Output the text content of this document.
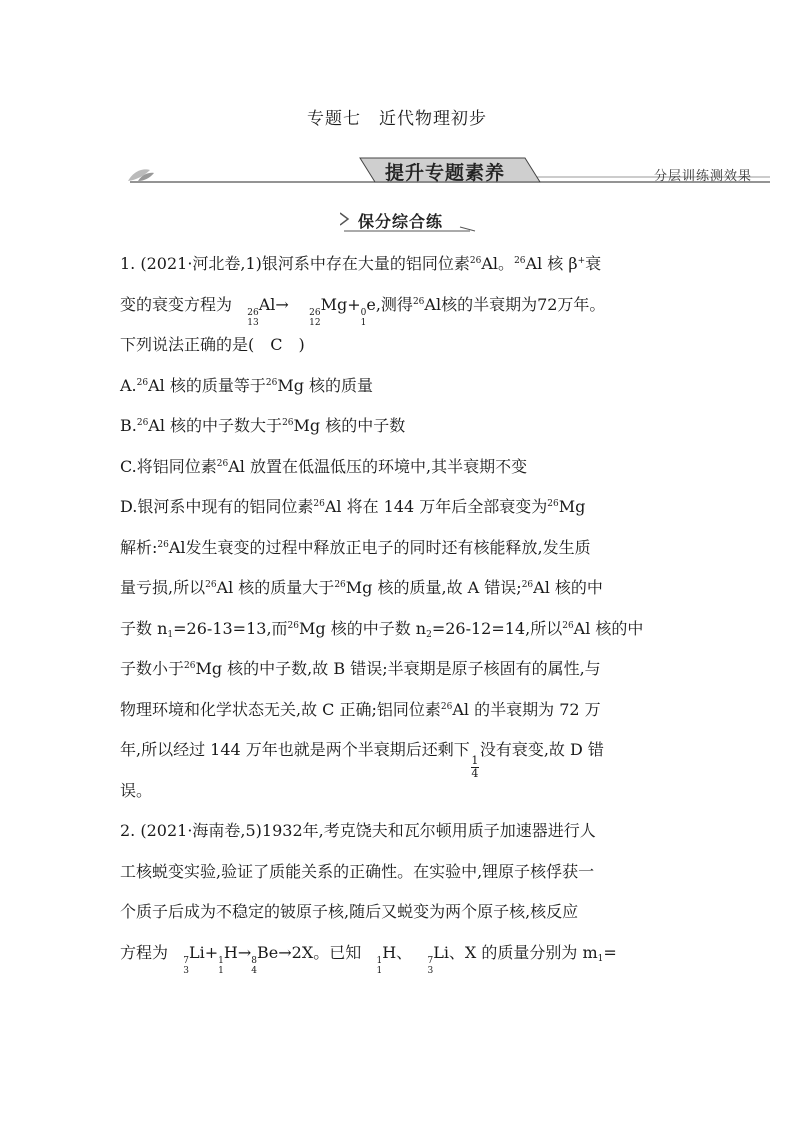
专题七　近代物理初步
提升专题素养	分层训练测效果
保分综合练
1. (2021·河北卷,1)银河系中存在大量的铝同位素$^{26}$Al。$^{26}$Al 核 β+衰
变的衰变方程为 26
13
Al→ 26
12
Mg+ 0
1
e,测得$^{26}$Al核的半衰期为72万年。
下列说法正确的是(　C　)
A.$^{26}$Al 核的质量等于$^{26}$Mg 核的质量
B.$^{26}$Al 核的中子数大于$^{26}$Mg 核的中子数
C.将铝同位素$^{26}$Al 放置在低温低压的环境中,其半衰期不变
D.银河系中现有的铝同位素$^{26}$Al 将在 144 万年后全部衰变为$^{26}$Mg
解析:$^{26}$Al发生衰变的过程中释放正电子的同时还有核能释放,发生质
量亏损,所以$^{26}$Al 核的质量大于$^{26}$Mg 核的质量,故 A 错误;$^{26}$Al 核的中
子数 $n_1=26-13=13$,而$^{26}$Mg 核的中子数 $n_2=26-12=14$,所以$^{26}$Al 核的中
子数小于$^{26}$Mg 核的中子数,故 B 错误;半衰期是原子核固有的属性,与
物理环境和化学状态无关,故 C 正确;铝同位素$^{26}$Al 的半衰期为 72 万
年,所以经过 144 万年也就是两个半衰期后还剩下
$\frac{1}{4}$
没有衰变,故 D 错
误。
2. (2021·海南卷,5)1932年,考克饶夫和瓦尔顿用质子加速器进行人
工核蜕变实验,验证了质能关系的正确性。在实验中,锂原子核俘获一
个质子后成为不稳定的铍原子核,随后又蜕变为两个原子核,核反应
方程为 7
3
Li+ 1
1
H→ 8
4
Be→2X。已知 1
1
H、 7
3
Li、X 的质量分别为 $m_1=$
